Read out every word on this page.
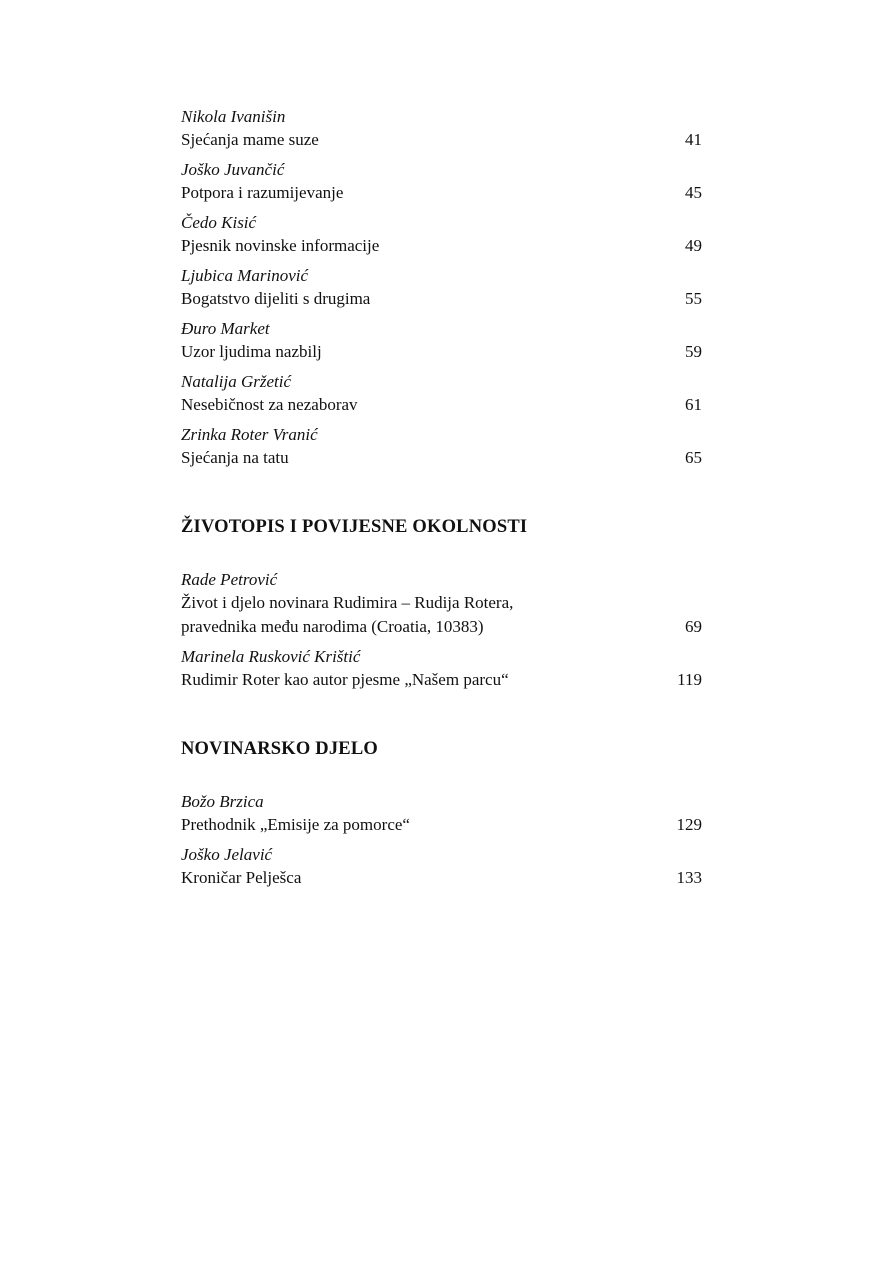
Nikola Ivanišin
Sjećanja mame suze	41
Joško Juvančić
Potpora i razumijevanje	45
Čedo Kisić
Pjesnik novinske informacije	49
Ljubica Marinović
Bogatstvo dijeliti s drugima	55
Đuro Market
Uzor ljudima nazbilj	59
Natalija Gržetić
Nesebičnost za nezaborav	61
Zrinka Roter Vranić
Sjećanja na tatu	65
ŽIVOTOPIS I POVIJESNE OKOLNOSTI
Rade Petrović
Život i djelo novinara Rudimira – Rudija Rotera,
pravednika među narodima (Croatia, 10383)	69
Marinela Rusković Krištić
Rudimir Roter kao autor pjesme „Našem parcu“	119
NOVINARSKO DJELO
Božo Brzica
Prethodnik „Emisije za pomorce“	129
Joško Jelavić
Kroničar Pelješca	133
